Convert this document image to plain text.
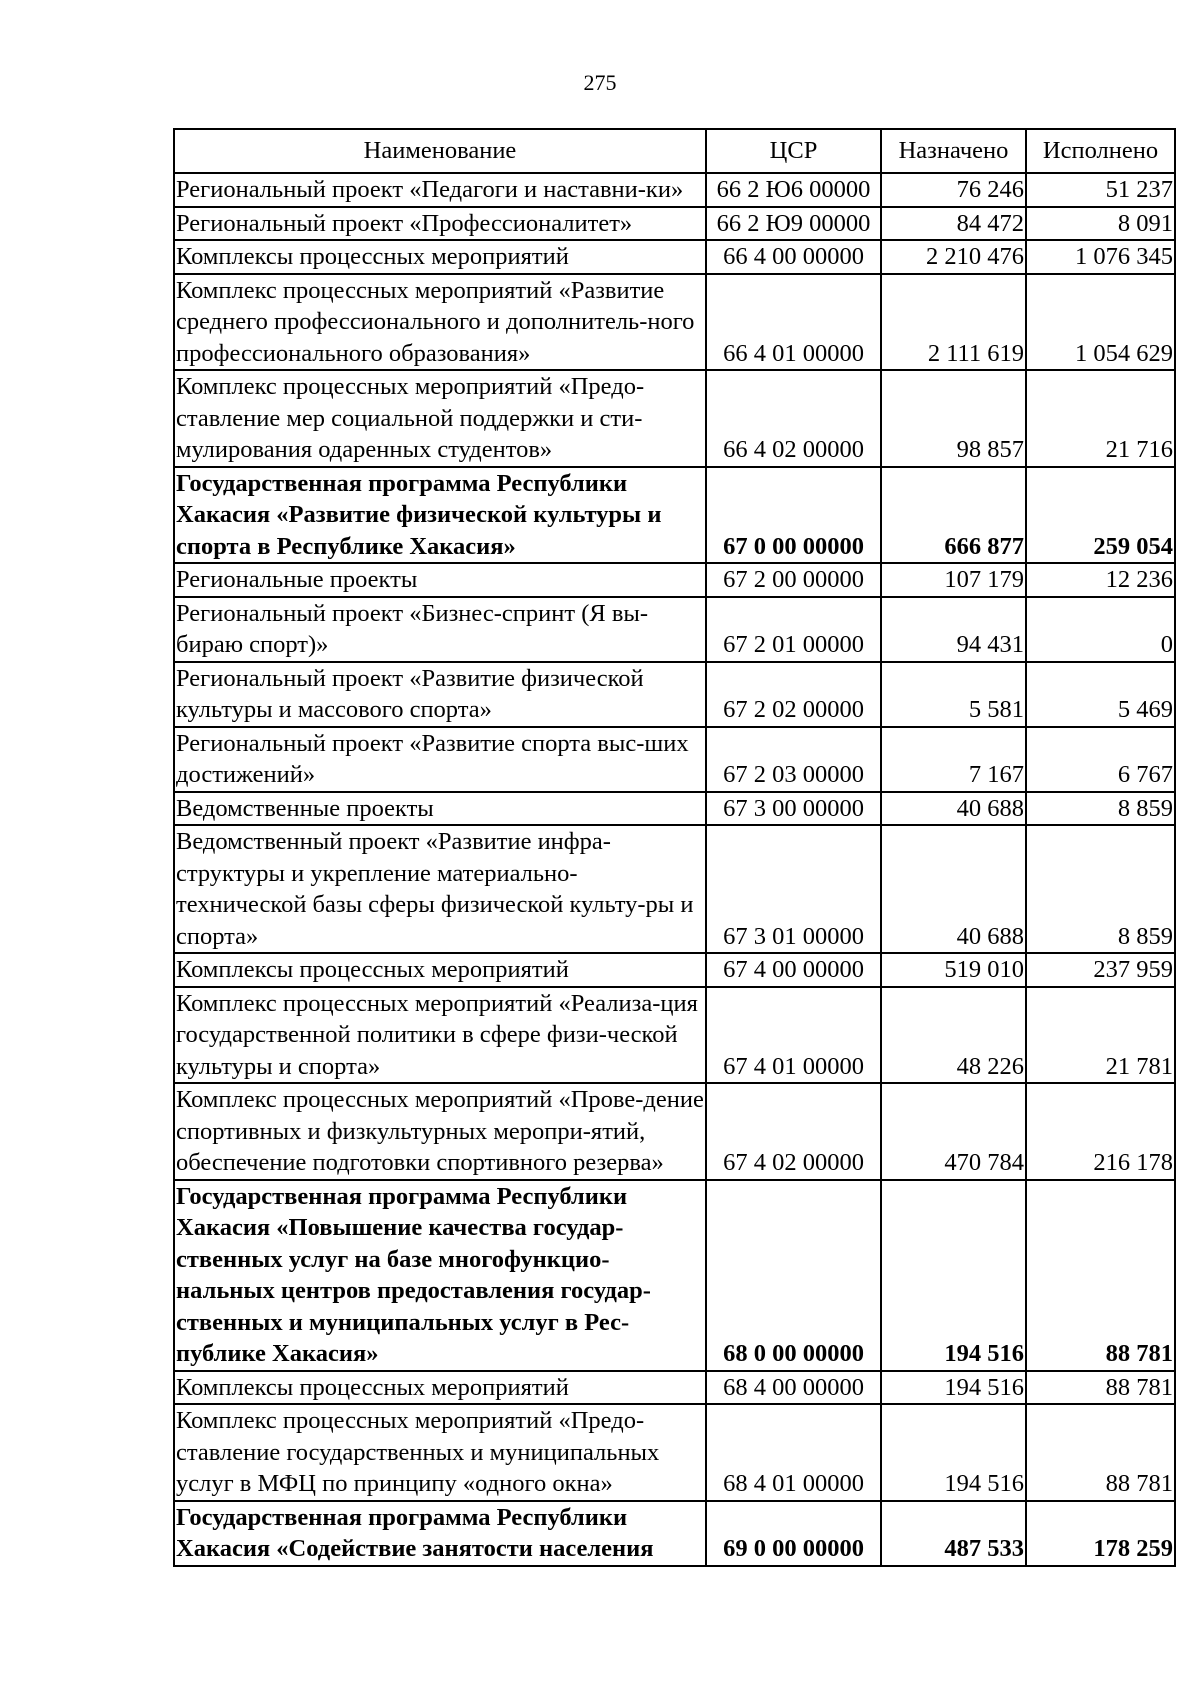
275
Наименование	ЦСР	Назначено	Исполнено
Региональный проект «Педагоги и наставни-ки»	66 2 Ю6 00000	76 246	51 237
Региональный проект «Профессионалитет»	66 2 Ю9 00000	84 472	8 091
Комплексы процессных мероприятий	66 4 00 00000	2 210 476	1 076 345
Комплекс процессных мероприятий «Развитие среднего профессионального и дополнитель-ного профессионального образования»	66 4 01 00000	2 111 619	1 054 629
Комплекс процессных мероприятий «Предо-ставление мер социальной поддержки и сти-мулирования одаренных студентов»	66 4 02 00000	98 857	21 716
Государственная программа Республики Хакасия «Развитие физической культуры и спорта в Республике Хакасия»	67 0 00 00000	666 877	259 054
Региональные проекты	67 2 00 00000	107 179	12 236
Региональный проект «Бизнес-спринт (Я вы-бираю спорт)»	67 2 01 00000	94 431	0
Региональный проект «Развитие физической культуры и массового спорта»	67 2 02 00000	5 581	5 469
Региональный проект «Развитие спорта выс-ших достижений»	67 2 03 00000	7 167	6 767
Ведомственные проекты	67 3 00 00000	40 688	8 859
Ведомственный проект «Развитие инфра-структуры и укрепление материально-технической базы сферы физической культу-ры и спорта»	67 3 01 00000	40 688	8 859
Комплексы процессных мероприятий	67 4 00 00000	519 010	237 959
Комплекс процессных мероприятий «Реализа-ция государственной политики в сфере физи-ческой культуры и спорта»	67 4 01 00000	48 226	21 781
Комплекс процессных мероприятий «Прове-дение спортивных и физкультурных меропри-ятий, обеспечение подготовки спортивного резерва»	67 4 02 00000	470 784	216 178
Государственная программа Республики Хакасия «Повышение качества государ-ственных услуг на базе многофункцио-нальных центров предоставления государ-ственных и муниципальных услуг в Рес-публике Хакасия»	68 0 00 00000	194 516	88 781
Комплексы процессных мероприятий	68 4 00 00000	194 516	88 781
Комплекс процессных мероприятий «Предо-ставление государственных и муниципальных услуг в МФЦ по принципу «одного окна»	68 4 01 00000	194 516	88 781
Государственная программа Республики Хакасия «Содействие занятости населения	69 0 00 00000	487 533	178 259
